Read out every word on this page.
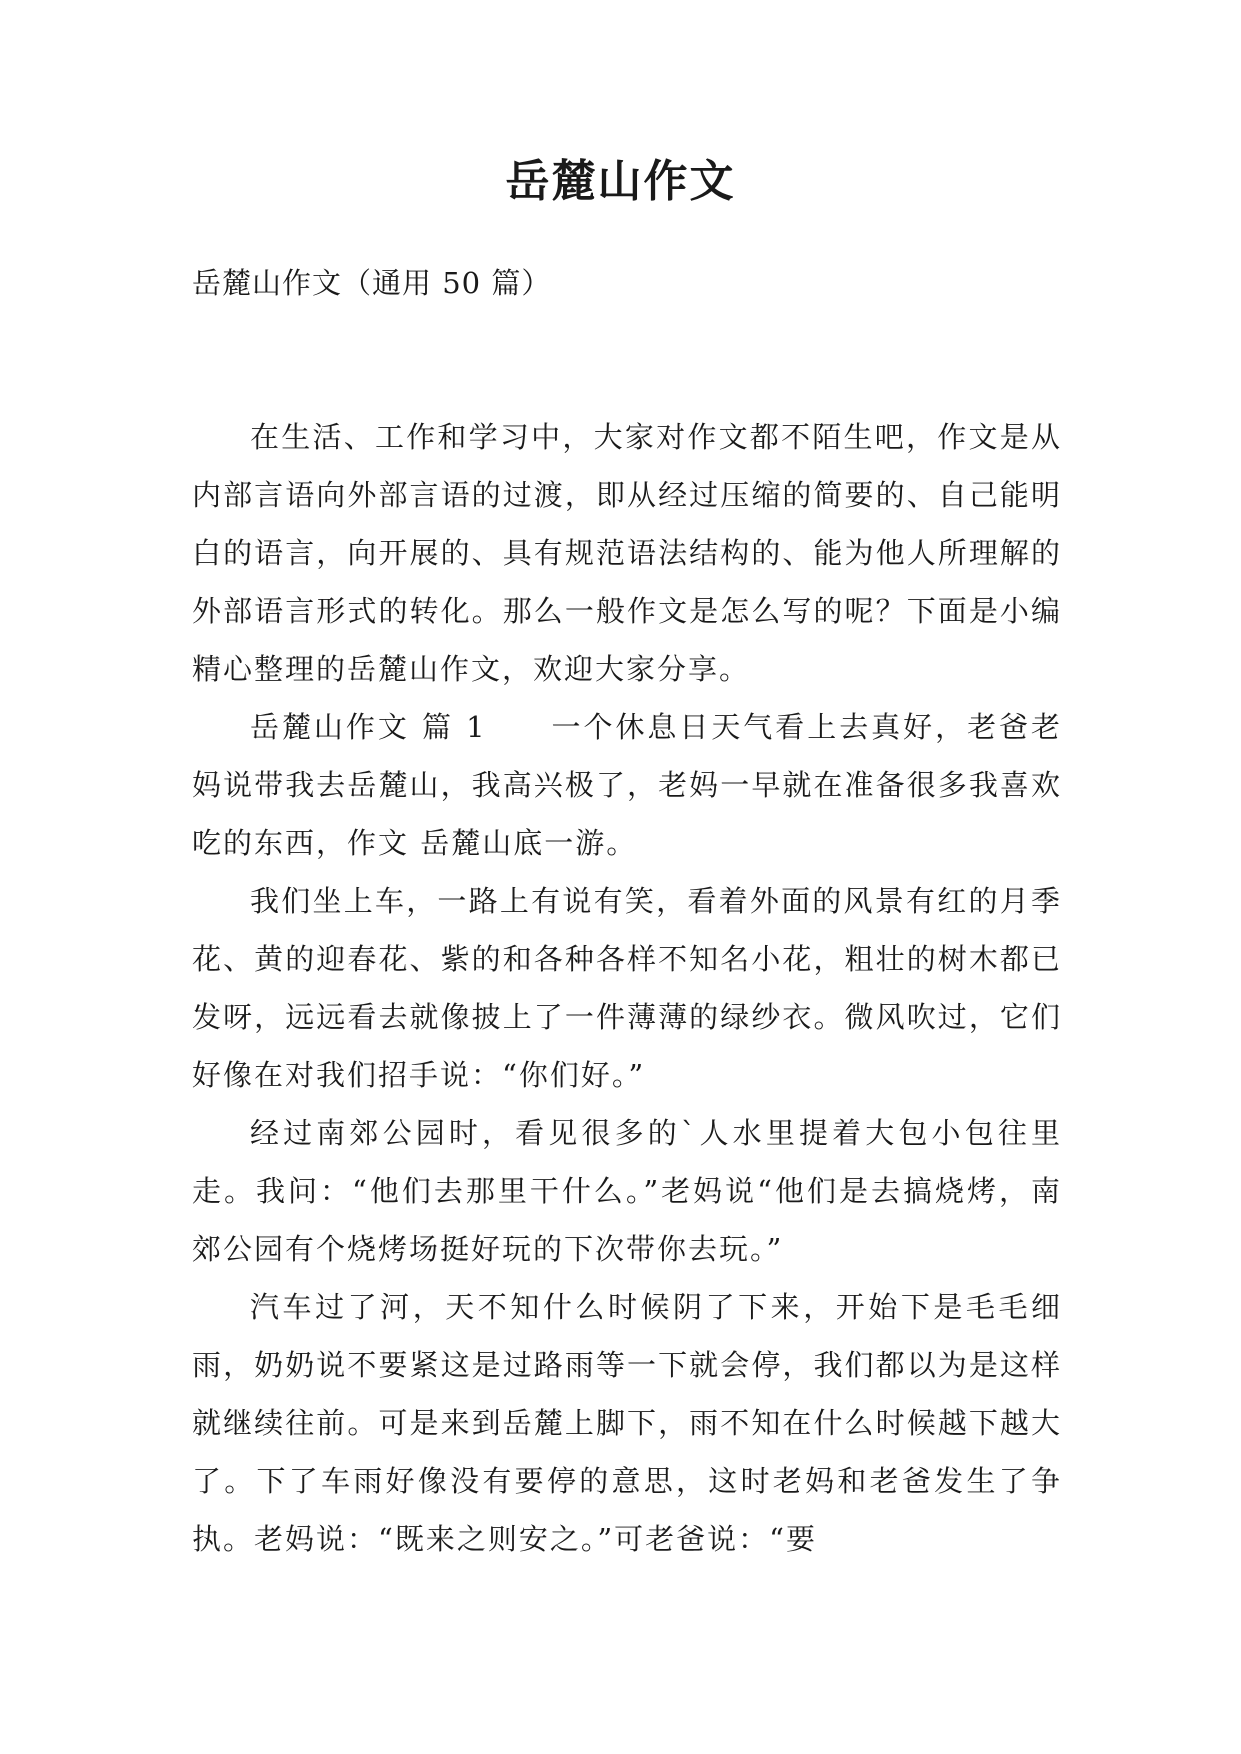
岳麓山作文

岳麓山作文（通用 50 篇）

在生活、工作和学习中，大家对作文都不陌生吧，作文是从内部言语向外部言语的过渡，即从经过压缩的简要的、自己能明白的语言，向开展的、具有规范语法结构的、能为他人所理解的外部语言形式的转化。那么一般作文是怎么写的呢？下面是小编精心整理的岳麓山作文，欢迎大家分享。

岳麓山作文 篇 1　　一个休息日天气看上去真好，老爸老妈说带我去岳麓山，我高兴极了，老妈一早就在准备很多我喜欢吃的东西，作文 岳麓山底一游。

我们坐上车，一路上有说有笑，看着外面的风景有红的月季花、黄的迎春花、紫的和各种各样不知名小花，粗壮的树木都已发呀，远远看去就像披上了一件薄薄的绿纱衣。微风吹过，它们好像在对我们招手说：“你们好。”

经过南郊公园时，看见很多的`人水里提着大包小包往里走。我问：“他们去那里干什么。”老妈说“他们是去搞烧烤，南郊公园有个烧烤场挺好玩的下次带你去玩。”

汽车过了河，天不知什么时候阴了下来，开始下是毛毛细雨，奶奶说不要紧这是过路雨等一下就会停，我们都以为是这样就继续往前。可是来到岳麓上脚下，雨不知在什么时候越下越大了。下了车雨好像没有要停的意思，这时老妈和老爸发生了争执。老妈说：“既来之则安之。”可老爸说：“要
